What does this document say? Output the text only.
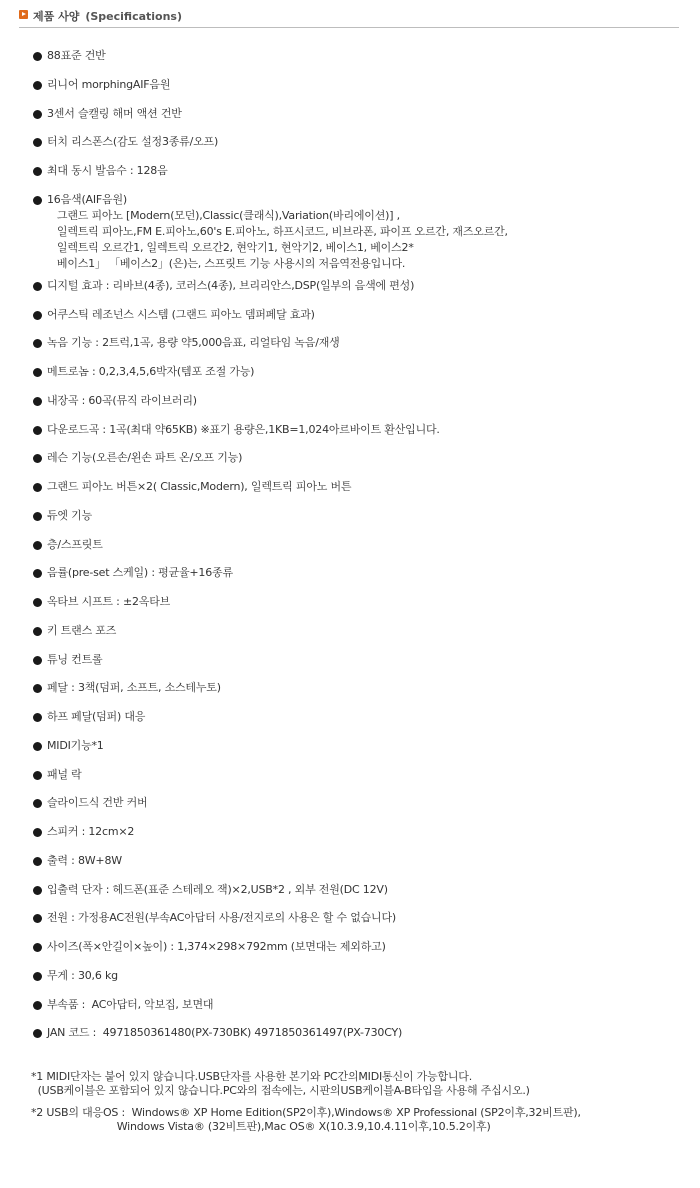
제품 사양 (Specifications)
88표준 건반
리니어 morphingAIF음원
3센서 슬캘링 해머 액션 건반
터치 리스폰스(감도 설정3종류/오프)
최대 동시 발음수 : 128음
16음색(AIF음원)
그랜드 피아노 [Modern(모던),Classic(클래식),Variation(바리에이션)] ,
일렉트릭 피아노,FM E.피아노,60's E.피아노, 하프시코드, 비브라폰, 파이프 오르간, 재즈오르간,
일렉트릭 오르간1, 일렉트릭 오르간2, 현악기1, 현악기2, 베이스1, 베이스2*
베이스1」 「베이스2」(은)는, 스프릿트 기능 사용시의 저음역전용입니다.
디지털 효과 : 리바브(4종), 코러스(4종), 브리리안스,DSP(일부의 음색에 편성)
어쿠스틱 레조넌스 시스템 (그랜드 피아노 뎀퍼페달 효과)
녹음 기능 : 2트럭,1곡, 용량 약5,000음표, 리얼타임 녹음/재생
메트로놈 : 0,2,3,4,5,6박자(템포 조절 가능)
내장곡 : 60곡(뮤직 라이브러리)
다운로드곡 : 1곡(최대 약65KB) ※표기 용량은,1KB=1,024아르바이트 환산입니다.
레슨 기능(오른손/왼손 파트 온/오프 기능)
그랜드 피아노 버튼×2( Classic,Modern), 일렉트릭 피아노 버튼
듀엣 기능
층/스프릿트
음률(pre-set 스케일) : 평균율+16종류
옥타브 시프트 : ±2옥타브
키 트랜스 포즈
튜닝 컨트롤
페달 : 3책(덤퍼, 소프트, 소스테누토)
하프 페달(덤퍼) 대응
MIDI기능*1
패널 락
슬라이드식 건반 커버
스피커 : 12cm×2
출력 : 8W+8W
입출력 단자 : 헤드폰(표준 스테레오 잭)×2,USB*2 , 외부 전원(DC 12V)
전원 : 가정용AC전원(부속AC아답터 사용/전지로의 사용은 할 수 없습니다)
사이즈(폭×안길이×높이) : 1,374×298×792mm (보면대는 제외하고)
무게 : 30,6 kg
부속품 :  AC아답터, 악보집, 보면대
JAN 코드 :  4971850361480(PX-730BK) 4971850361497(PX-730CY)
*1 MIDI단자는 붙어 있지 않습니다.USB단자를 사용한 본기와 PC간의MIDI통신이 가능합니다.
(USB케이블은 포함되어 있지 않습니다.PC와의 접속에는, 시판의USB케이블A-B타입을 사용해 주십시오.)
*2 USB의 대응OS :  Windows® XP Home Edition(SP2이후),Windows® XP Professional (SP2이후,32비트판),
Windows Vista® (32비트판),Mac OS® X(10.3.9,10.4.11이후,10.5.2이후)
